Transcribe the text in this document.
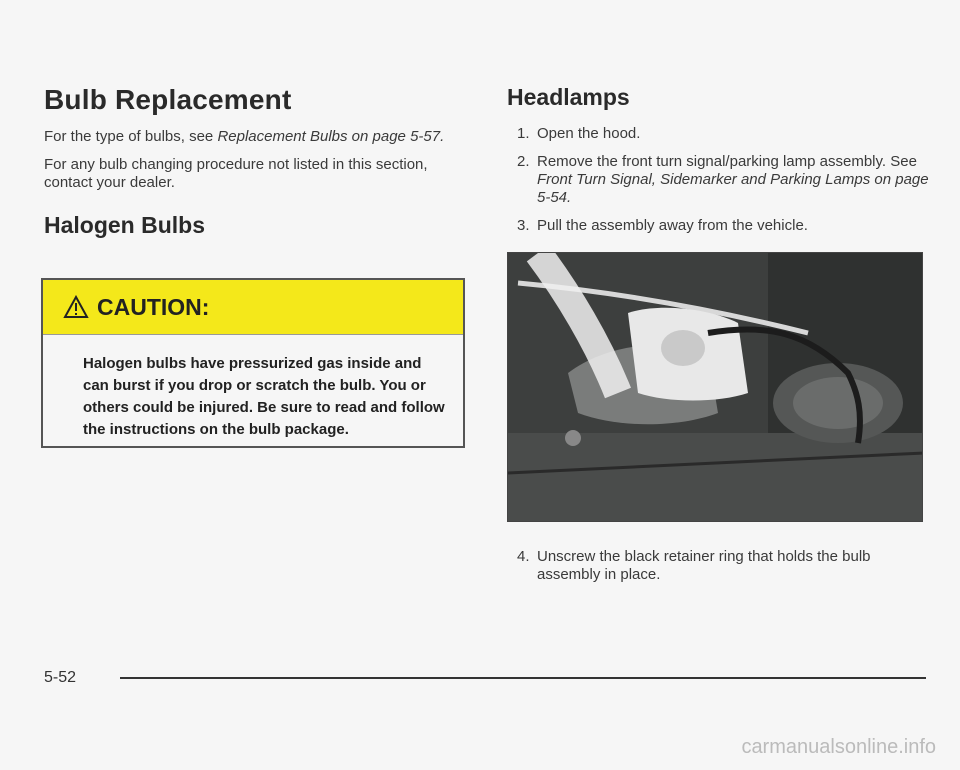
Bulb Replacement

For the type of bulbs, see Replacement Bulbs on page 5-57.

For any bulb changing procedure not listed in this section, contact your dealer.

Halogen Bulbs
CAUTION:
Halogen bulbs have pressurized gas inside and can burst if you drop or scratch the bulb. You or others could be injured. Be sure to read and follow the instructions on the bulb package.
Headlamps
1. Open the hood.
2. Remove the front turn signal/parking lamp assembly. See Front Turn Signal, Sidemarker and Parking Lamps on page 5-54.
3. Pull the assembly away from the vehicle.
4. Unscrew the black retainer ring that holds the bulb assembly in place.
5-52
carmanualsonline.info
